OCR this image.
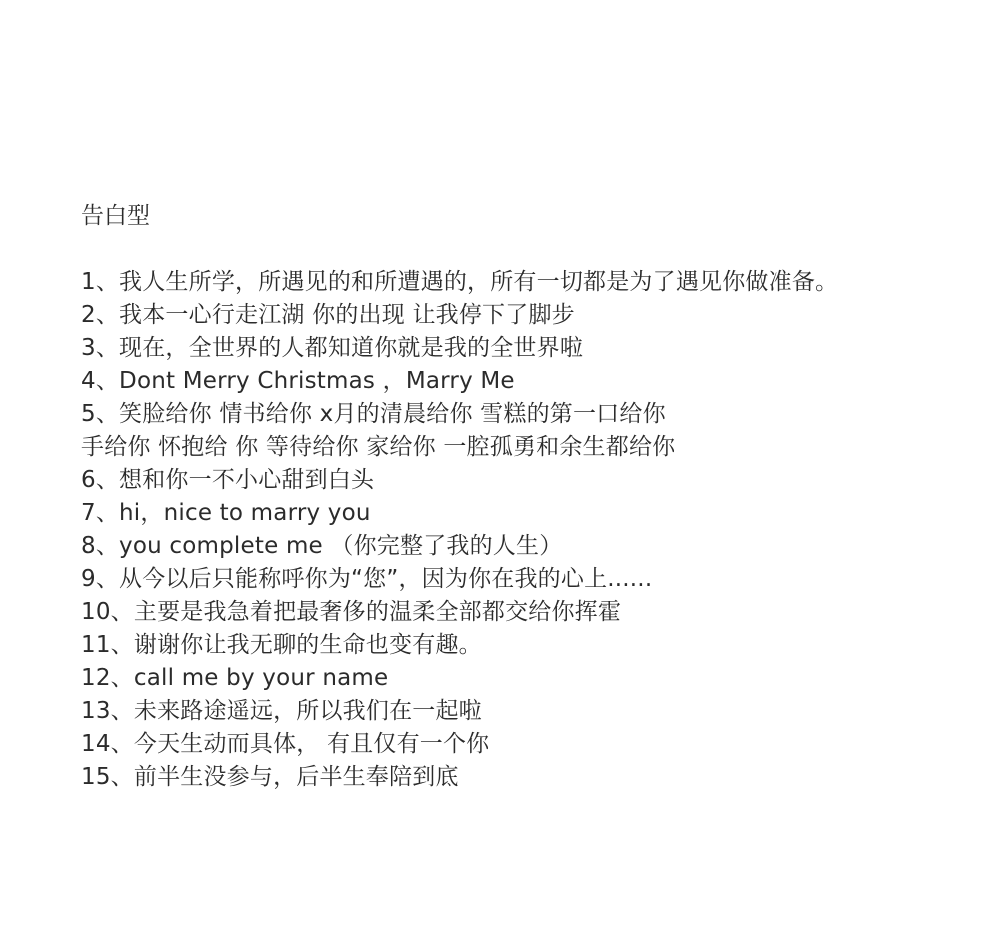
告白型
1、我人生所学，所遇见的和所遭遇的，所有一切都是为了遇见你做准备。
2、我本一心行走江湖 你的出现 让我停下了脚步
3、现在，全世界的人都知道你就是我的全世界啦
4、Dont Merry Christmas ，Marry Me
5、笑脸给你 情书给你 x月的清晨给你 雪糕的第一口给你
手给你 怀抱给 你 等待给你 家给你 一腔孤勇和余生都给你
6、想和你一不小心甜到白头
7、hi，nice to marry you
8、you complete me （你完整了我的人生）
9、从今以后只能称呼你为“您”，因为你在我的心上......
10、主要是我急着把最奢侈的温柔全部都交给你挥霍
11、谢谢你让我无聊的生命也变有趣。
12、call me by your name
13、未来路途遥远，所以我们在一起啦
14、今天生动而具体， 有且仅有一个你
15、前半生没参与，后半生奉陪到底
